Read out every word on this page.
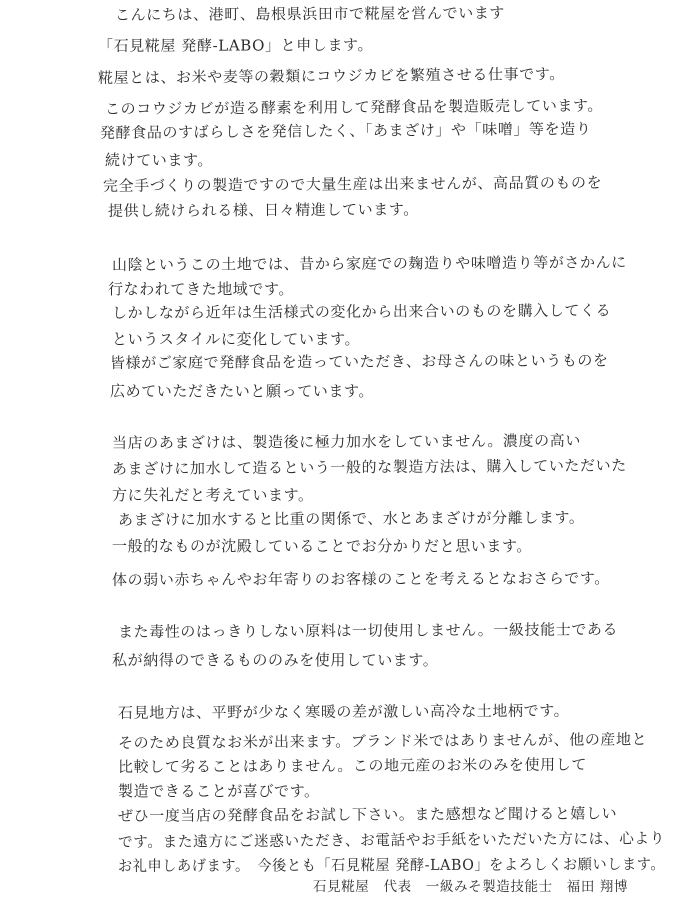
こんにちは、港町、島根県浜田市で糀屋を営んでいます
「石見糀屋 発酵-LABO」と申します。
糀屋とは、お米や麦等の穀類にコウジカビを繁殖させる仕事です。
このコウジカビが造る酵素を利用して発酵食品を製造販売しています。
発酵食品のすばらしさを発信したく、「あまざけ」や「味噌」等を造り
続けています。
完全手づくりの製造ですので大量生産は出来ませんが、高品質のものを
提供し続けられる様、日々精進しています。
山陰というこの土地では、昔から家庭での麹造りや味噌造り等がさかんに
行なわれてきた地域です。
しかしながら近年は生活様式の変化から出来合いのものを購入してくる
というスタイルに変化しています。
皆様がご家庭で発酵食品を造っていただき、お母さんの味というものを
広めていただきたいと願っています。
当店のあまざけは、製造後に極力加水をしていません。濃度の高い
あまざけに加水して造るという一般的な製造方法は、購入していただいた
方に失礼だと考えています。
あまざけに加水すると比重の関係で、水とあまざけが分離します。
一般的なものが沈殿していることでお分かりだと思います。
体の弱い赤ちゃんやお年寄りのお客様のことを考えるとなおさらです。
また毒性のはっきりしない原料は一切使用しません。一級技能士である
私が納得のできるもののみを使用しています。
石見地方は、平野が少なく寒暖の差が激しい高冷な土地柄です。
そのため良質なお米が出来ます。ブランド米ではありませんが、他の産地と
比較して劣ることはありません。この地元産のお米のみを使用して
製造できることが喜びです。
ぜひ一度当店の発酵食品をお試し下さい。また感想など聞けると嬉しい
です。また遠方にご迷惑いただき、お電話やお手紙をいただいた方には、心より
お礼申しあげます。　今後とも「石見糀屋 発酵-LABO」をよろしくお願いします。
石見糀屋　代表　一級みそ製造技能士　福田 翔博
